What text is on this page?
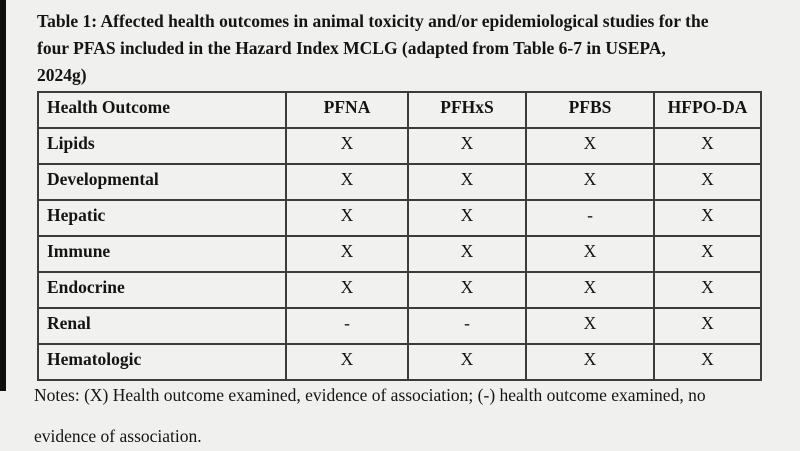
Table 1: Affected health outcomes in animal toxicity and/or epidemiological studies for the
four PFAS included in the Hazard Index MCLG (adapted from Table 6-7 in USEPA,
2024g)
Health Outcome	PFNA	PFHxS	PFBS	HFPO-DA
Lipids	X	X	X	X
Developmental	X	X	X	X
Hepatic	X	X	-	X
Immune	X	X	X	X
Endocrine	X	X	X	X
Renal	-	-	X	X
Hematologic	X	X	X	X
Notes: (X) Health outcome examined, evidence of association; (-) health outcome examined, no
evidence of association.
